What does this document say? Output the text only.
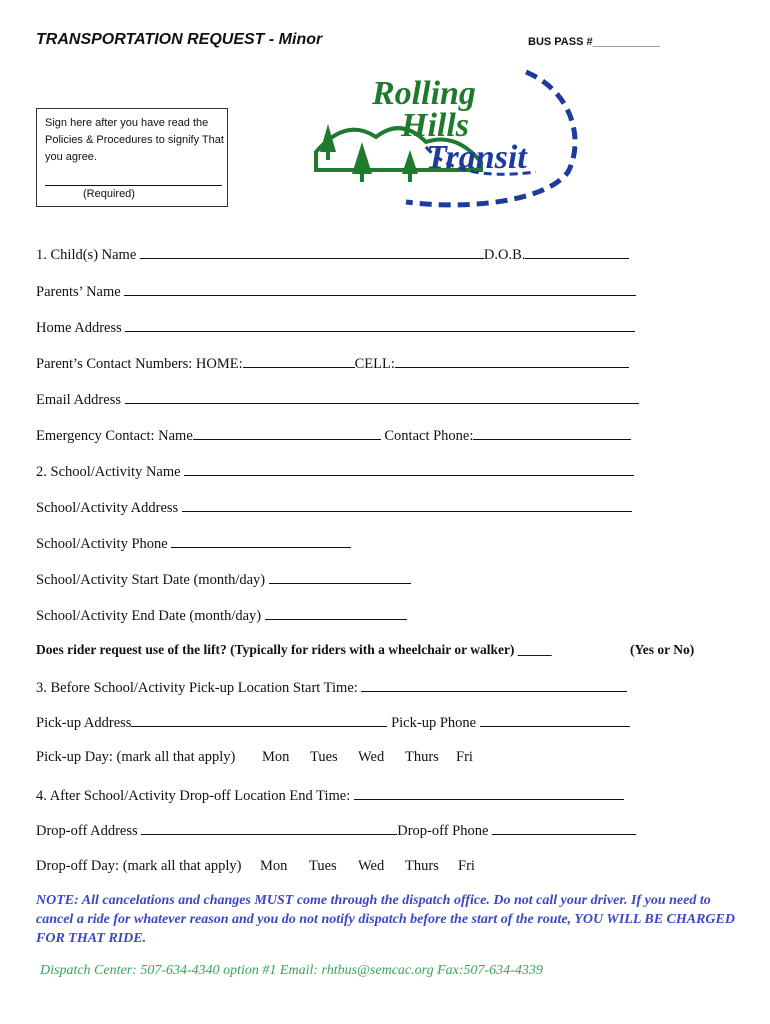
TRANSPORTATION REQUEST - Minor	BUS PASS #___________
Sign here after you have read the Policies & Procedures to signify That you agree.
(Required)
Rolling
Hills
Transit
1. Child(s) Name	D.O.B.
Parents’ Name
Home Address
Parent’s Contact Numbers: HOME:	CELL:
Email Address
Emergency Contact: Name	Contact Phone:
2. School/Activity Name
School/Activity Address
School/Activity Phone
School/Activity Start Date (month/day)
School/Activity End Date (month/day)
Does rider request use of the lift? (Typically for riders with a wheelchair or walker) _____	(Yes or No)
3. Before School/Activity Pick-up Location Start Time:
Pick-up Address	Pick-up Phone
Pick-up Day: (mark all that apply) Mon Tues Wed Thurs Fri
4. After School/Activity Drop-off Location End Time:
Drop-off Address	Drop-off Phone
Drop-off Day: (mark all that apply) Mon Tues Wed Thurs Fri
NOTE: All cancelations and changes MUST come through the dispatch office. Do not call your driver. If you need to cancel a ride for whatever reason and you do not notify dispatch before the start of the route, YOU WILL BE CHARGED FOR THAT RIDE.
Dispatch Center: 507-634-4340 option #1 Email: rhtbus@semcac.org Fax:507-634-4339
